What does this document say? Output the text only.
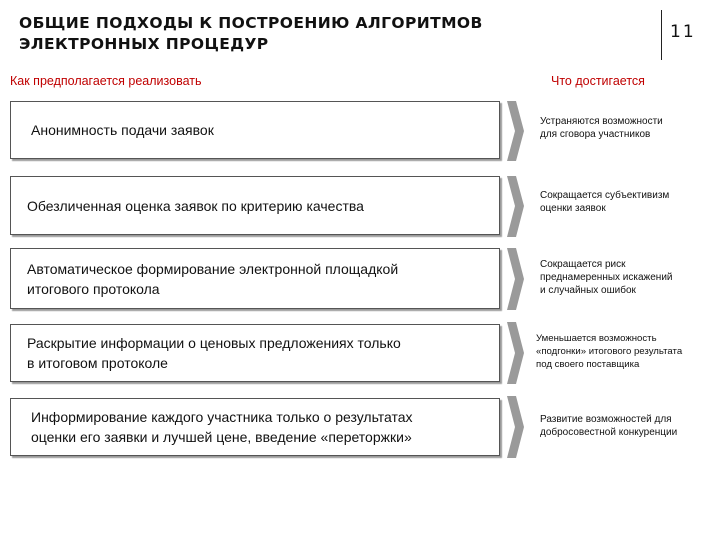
ОБЩИЕ ПОДХОДЫ К ПОСТРОЕНИЮ АЛГОРИТМОВ
ЭЛЕКТРОННЫХ ПРОЦЕДУР
11
Как предполагается реализовать	Что достигается
Анонимность подачи заявок
Устраняются возможности
для сговора участников
Обезличенная оценка заявок по критерию качества
Сокращается субъективизм
оценки заявок
Автоматическое формирование электронной площадкой
итогового протокола
Сокращается риск
преднамеренных искажений
и случайных ошибок
Раскрытие информации о ценовых предложениях только
в итоговом протоколе
Уменьшается возможность
«подгонки» итогового результата
под своего поставщика
Информирование каждого участника только о результатах
оценки его заявки и лучшей цене, введение «переторжки»
Развитие возможностей для
добросовестной конкуренции
